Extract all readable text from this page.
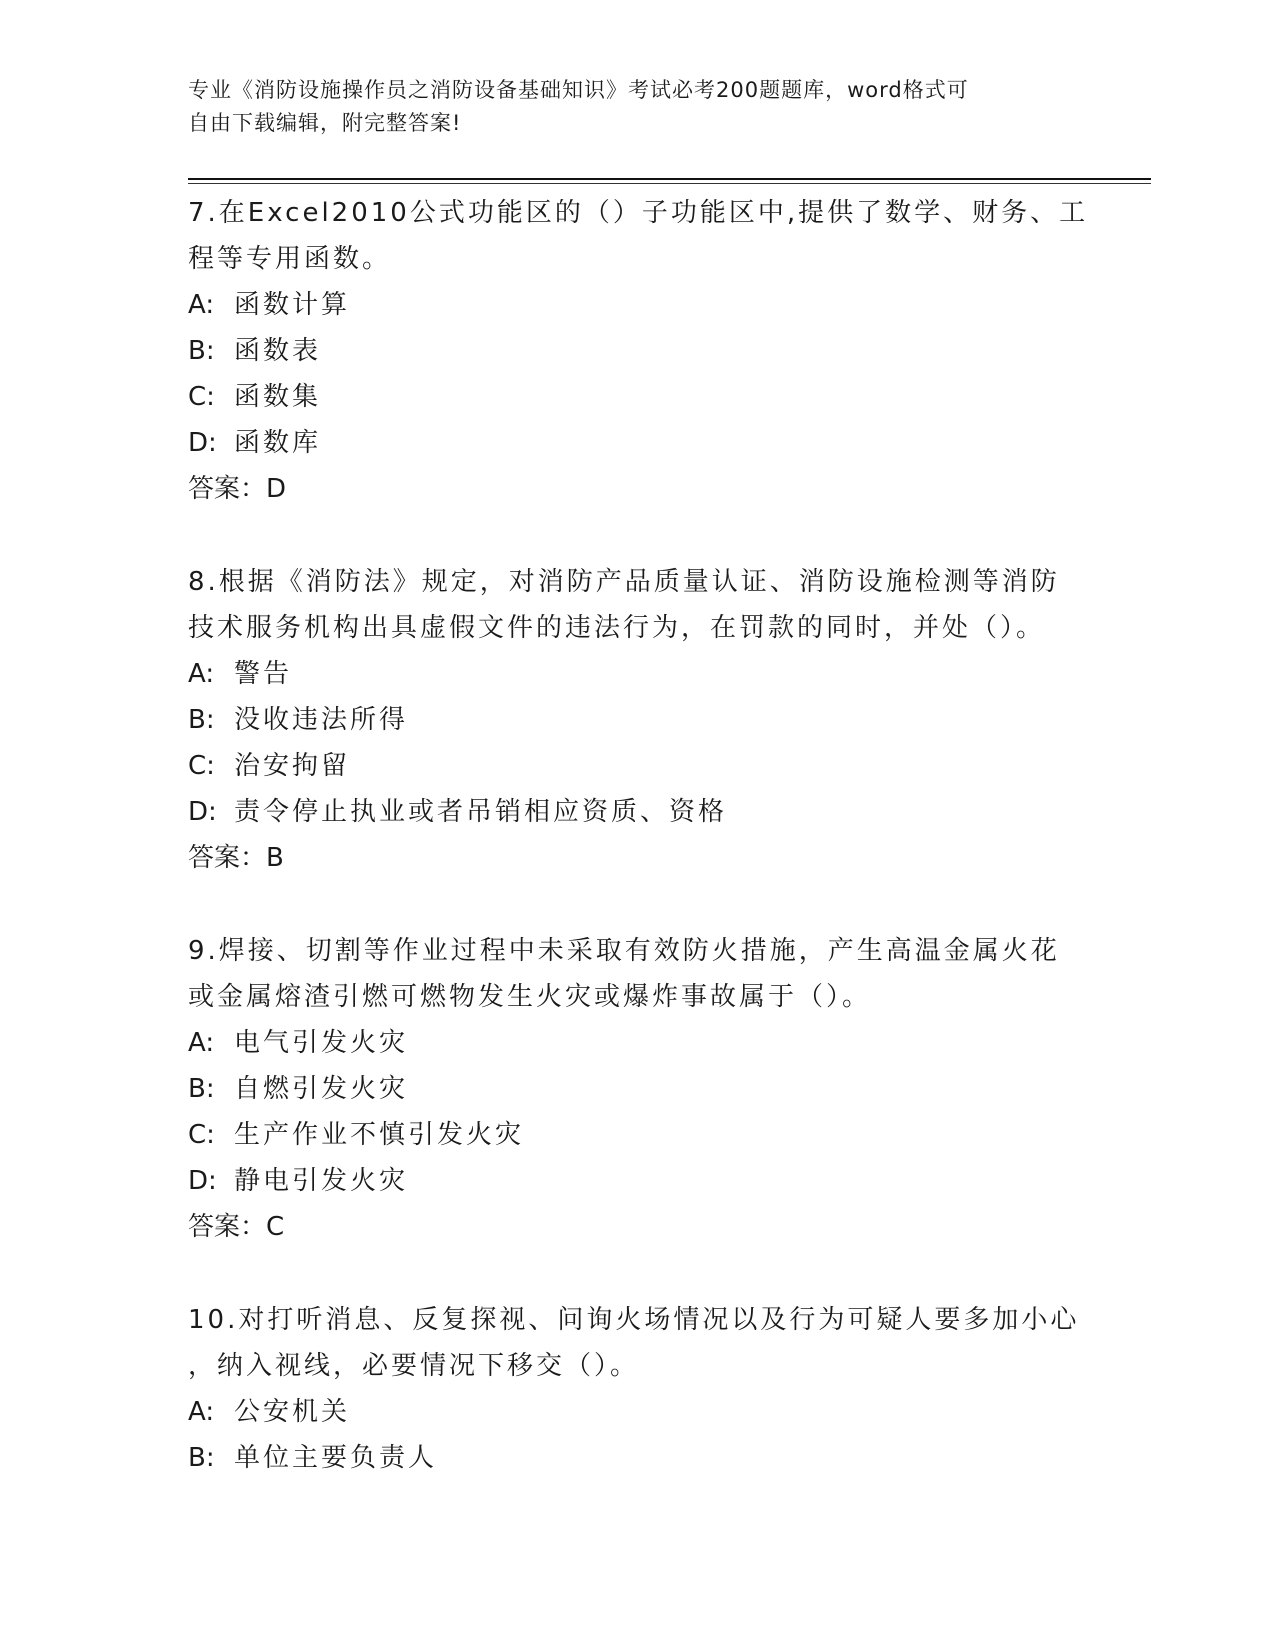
专业《消防设施操作员之消防设备基础知识》考试必考200题题库，word格式可
自由下载编辑，附完整答案!
7.在Excel2010公式功能区的（）子功能区中,提供了数学、财务、工
程等专用函数。
A: 函数计算
B: 函数表
C: 函数集
D: 函数库
答案：D
8.根据《消防法》规定，对消防产品质量认证、消防设施检测等消防
技术服务机构出具虚假文件的违法行为，在罚款的同时，并处（）。
A: 警告
B: 没收违法所得
C: 治安拘留
D: 责令停止执业或者吊销相应资质、资格
答案：B
9.焊接、切割等作业过程中未采取有效防火措施，产生高温金属火花
或金属熔渣引燃可燃物发生火灾或爆炸事故属于（）。
A: 电气引发火灾
B: 自燃引发火灾
C: 生产作业不慎引发火灾
D: 静电引发火灾
答案：C
10.对打听消息、反复探视、问询火场情况以及行为可疑人要多加小心
，纳入视线，必要情况下移交（）。
A: 公安机关
B: 单位主要负责人
